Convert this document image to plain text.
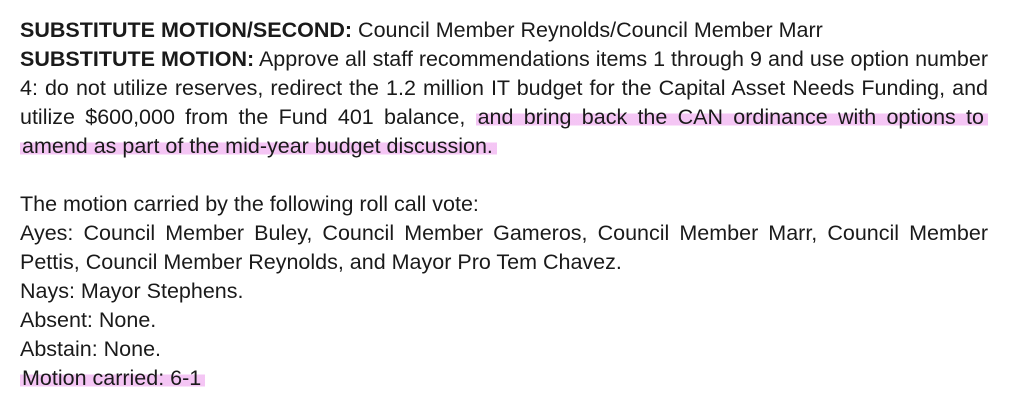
SUBSTITUTE MOTION/SECOND: Council Member Reynolds/Council Member Marr

SUBSTITUTE MOTION: Approve all staff recommendations items 1 through 9 and use option number 4: do not utilize reserves, redirect the 1.2 million IT budget for the Capital Asset Needs Funding, and utilize $600,000 from the Fund 401 balance, and bring back the CAN ordinance with options to amend as part of the mid-year budget discussion.

The motion carried by the following roll call vote:

Ayes: Council Member Buley, Council Member Gameros, Council Member Marr, Council Member Pettis, Council Member Reynolds, and Mayor Pro Tem Chavez.

Nays: Mayor Stephens.

Absent: None.

Abstain: None.

Motion carried: 6-1
